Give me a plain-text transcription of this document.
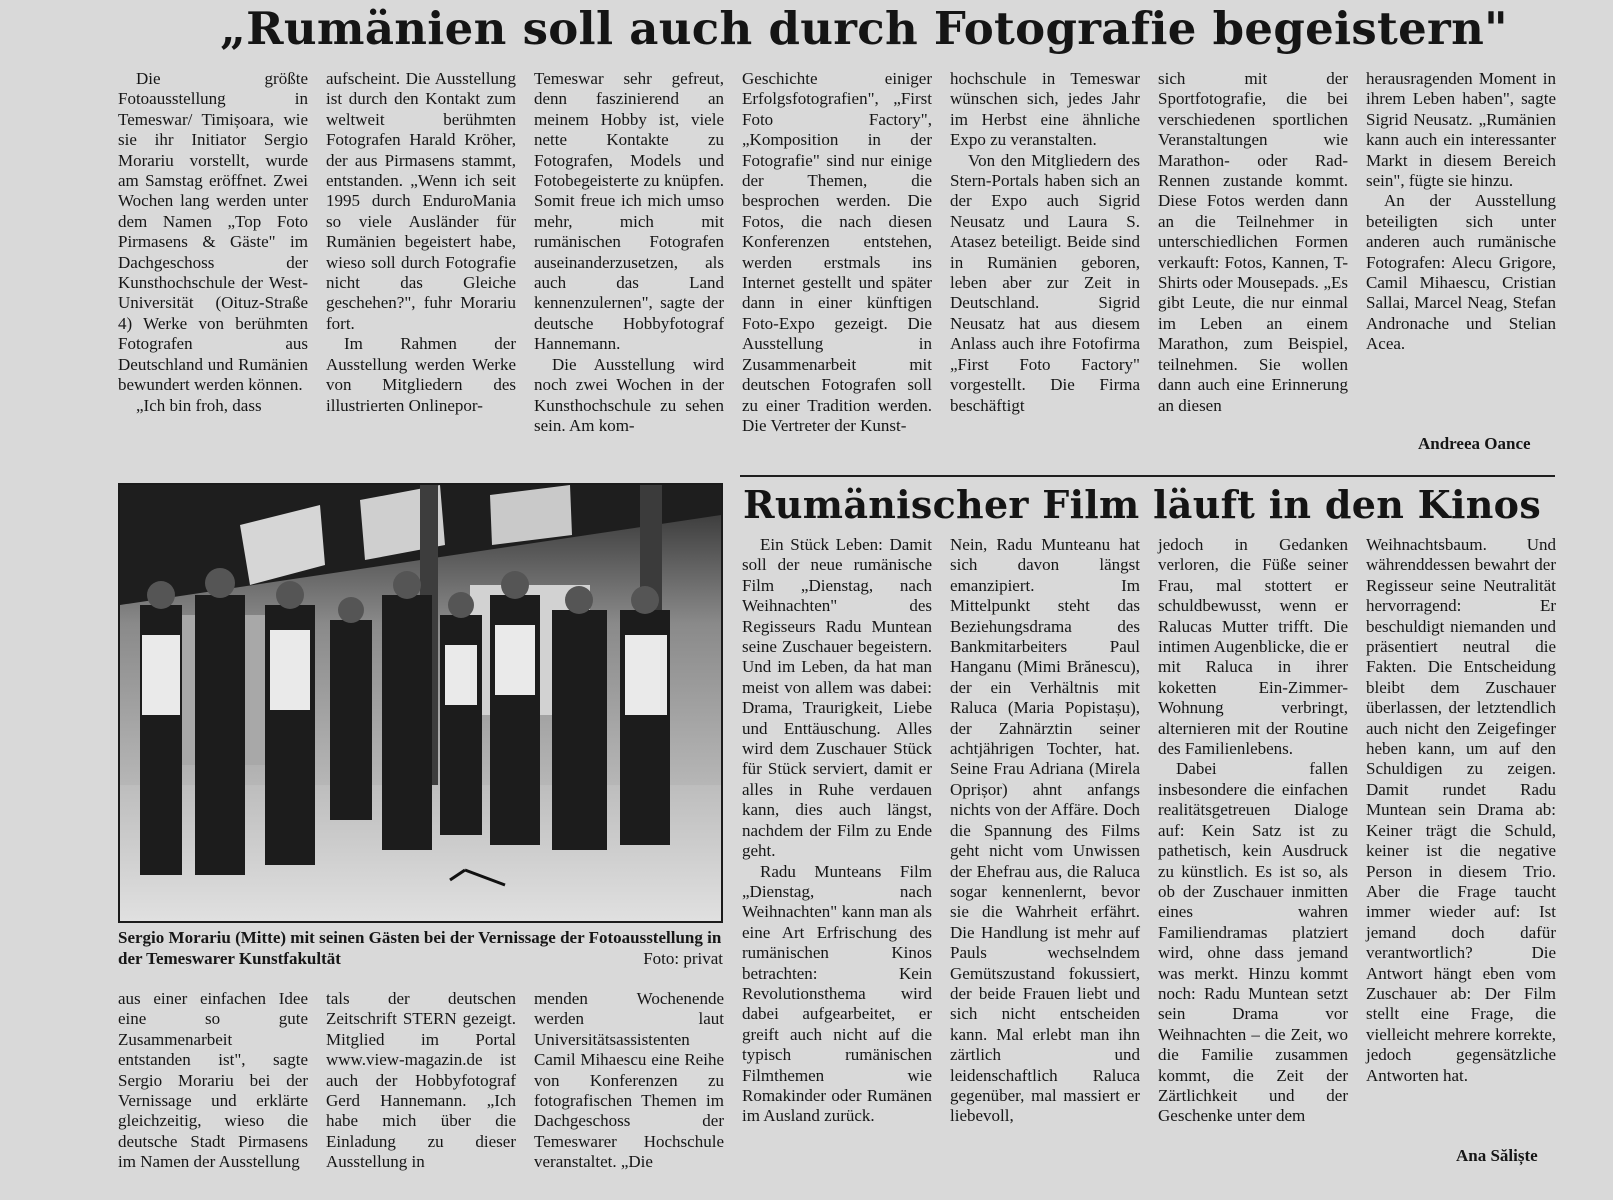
„Rumänien soll auch durch Fotografie begeistern"

Die größte Fotoausstellung in Temeswar/ Timișoara, wie sie ihr Initiator Sergio Morariu vorstellt, wurde am Samstag eröffnet. Zwei Wochen lang werden unter dem Namen „Top Foto Pirmasens & Gäste" im Dachgeschoss der Kunsthochschule der West-Universität (Oituz-Straße 4) Werke von berühmten Fotografen aus Deutschland und Rumänien bewundert werden können.

„Ich bin froh, dass

aufscheint. Die Ausstellung ist durch den Kontakt zum weltweit berühmten Fotografen Harald Kröher, der aus Pirmasens stammt, entstanden. „Wenn ich seit 1995 durch EnduroMania so viele Ausländer für Rumänien begeistert habe, wieso soll durch Fotografie nicht das Gleiche geschehen?", fuhr Morariu fort.

Im Rahmen der Ausstellung werden Werke von Mitgliedern des illustrierten Onlinepor-

Temeswar sehr gefreut, denn faszinierend an meinem Hobby ist, viele nette Kontakte zu Fotografen, Models und Fotobegeisterte zu knüpfen. Somit freue ich mich umso mehr, mich mit rumänischen Fotografen auseinanderzusetzen, als auch das Land kennenzulernen", sagte der deutsche Hobbyfotograf Hannemann.

Die Ausstellung wird noch zwei Wochen in der Kunsthochschule zu sehen sein. Am kom-

Geschichte einiger Erfolgsfotografien", „First Foto Factory", „Komposition in der Fotografie" sind nur einige der Themen, die besprochen werden. Die Fotos, die nach diesen Konferenzen entstehen, werden erstmals ins Internet gestellt und später dann in einer künftigen Foto-Expo gezeigt. Die Ausstellung in Zusammenarbeit mit deutschen Fotografen soll zu einer Tradition werden. Die Vertreter der Kunst-

hochschule in Temeswar wünschen sich, jedes Jahr im Herbst eine ähnliche Expo zu veranstalten.

Von den Mitgliedern des Stern-Portals haben sich an der Expo auch Sigrid Neusatz und Laura S. Atasez beteiligt. Beide sind in Rumänien geboren, leben aber zur Zeit in Deutschland. Sigrid Neusatz hat aus diesem Anlass auch ihre Fotofirma „First Foto Factory" vorgestellt. Die Firma beschäftigt

sich mit der Sportfotografie, die bei verschiedenen sportlichen Veranstaltungen wie Marathon- oder Rad-Rennen zustande kommt. Diese Fotos werden dann an die Teilnehmer in unterschiedlichen Formen verkauft: Fotos, Kannen, T-Shirts oder Mousepads. „Es gibt Leute, die nur einmal im Leben an einem Marathon, zum Beispiel, teilnehmen. Sie wollen dann auch eine Erinnerung an diesen

herausragenden Moment in ihrem Leben haben", sagte Sigrid Neusatz. „Rumänien kann auch ein interessanter Markt in diesem Bereich sein", fügte sie hinzu.

An der Ausstellung beteiligten sich unter anderen auch rumänische Fotografen: Alecu Grigore, Camil Mihaescu, Cristian Sallai, Marcel Neag, Stefan Andronache und Stelian Acea.

Andreea Oance
Sergio Morariu (Mitte) mit seinen Gästen bei der Vernissage der Fotoausstellung in der Temeswarer Kunstfakultät	Foto: privat

aus einer einfachen Idee eine so gute Zusammenarbeit entstanden ist", sagte Sergio Morariu bei der Vernissage und erklärte gleichzeitig, wieso die deutsche Stadt Pirmasens im Namen der Ausstellung

tals der deutschen Zeitschrift STERN gezeigt. Mitglied im Portal www.view-magazin.de ist auch der Hobbyfotograf Gerd Hannemann. „Ich habe mich über die Einladung zu dieser Ausstellung in

menden Wochenende werden laut Universitätsassistenten Camil Mihaescu eine Reihe von Konferenzen zu fotografischen Themen im Dachgeschoss der Temeswarer Hochschule veranstaltet. „Die

Rumänischer Film läuft in den Kinos

Ein Stück Leben: Damit soll der neue rumänische Film „Dienstag, nach Weihnachten" des Regisseurs Radu Muntean seine Zuschauer begeistern. Und im Leben, da hat man meist von allem was dabei: Drama, Traurigkeit, Liebe und Enttäuschung. Alles wird dem Zuschauer Stück für Stück serviert, damit er alles in Ruhe verdauen kann, dies auch längst, nachdem der Film zu Ende geht.

Radu Munteans Film „Dienstag, nach Weihnachten" kann man als eine Art Erfrischung des rumänischen Kinos betrachten: Kein Revolutionsthema wird dabei aufgearbeitet, er greift auch nicht auf die typisch rumänischen Filmthemen wie Romakinder oder Rumänen im Ausland zurück.

Nein, Radu Munteanu hat sich davon längst emanzipiert. Im Mittelpunkt steht das Beziehungsdrama des Bankmitarbeiters Paul Hanganu (Mimi Brănescu), der ein Verhältnis mit Raluca (Maria Popistașu), der Zahnärztin seiner achtjährigen Tochter, hat. Seine Frau Adriana (Mirela Oprișor) ahnt anfangs nichts von der Affäre. Doch die Spannung des Films geht nicht vom Unwissen der Ehefrau aus, die Raluca sogar kennenlernt, bevor sie die Wahrheit erfährt. Die Handlung ist mehr auf Pauls wechselndem Gemütszustand fokussiert, der beide Frauen liebt und sich nicht entscheiden kann. Mal erlebt man ihn zärtlich und leidenschaftlich Raluca gegenüber, mal massiert er liebevoll,

jedoch in Gedanken verloren, die Füße seiner Frau, mal stottert er schuldbewusst, wenn er Ralucas Mutter trifft. Die intimen Augenblicke, die er mit Raluca in ihrer koketten Ein-Zimmer-Wohnung verbringt, alternieren mit der Routine des Familienlebens.

Dabei fallen insbesondere die einfachen realitätsgetreuen Dialoge auf: Kein Satz ist zu pathetisch, kein Ausdruck zu künstlich. Es ist so, als ob der Zuschauer inmitten eines wahren Familiendramas platziert wird, ohne dass jemand was merkt. Hinzu kommt noch: Radu Muntean setzt sein Drama vor Weihnachten – die Zeit, wo die Familie zusammen kommt, die Zeit der Zärtlichkeit und der Geschenke unter dem

Weihnachtsbaum. Und währenddessen bewahrt der Regisseur seine Neutralität hervorragend: Er beschuldigt niemanden und präsentiert neutral die Fakten. Die Entscheidung bleibt dem Zuschauer überlassen, der letztendlich auch nicht den Zeigefinger heben kann, um auf den Schuldigen zu zeigen. Damit rundet Radu Muntean sein Drama ab: Keiner trägt die Schuld, keiner ist die negative Person in diesem Trio. Aber die Frage taucht immer wieder auf: Ist jemand doch dafür verantwortlich? Die Antwort hängt eben vom Zuschauer ab: Der Film stellt eine Frage, die vielleicht mehrere korrekte, jedoch gegensätzliche Antworten hat.

Ana Săliște
